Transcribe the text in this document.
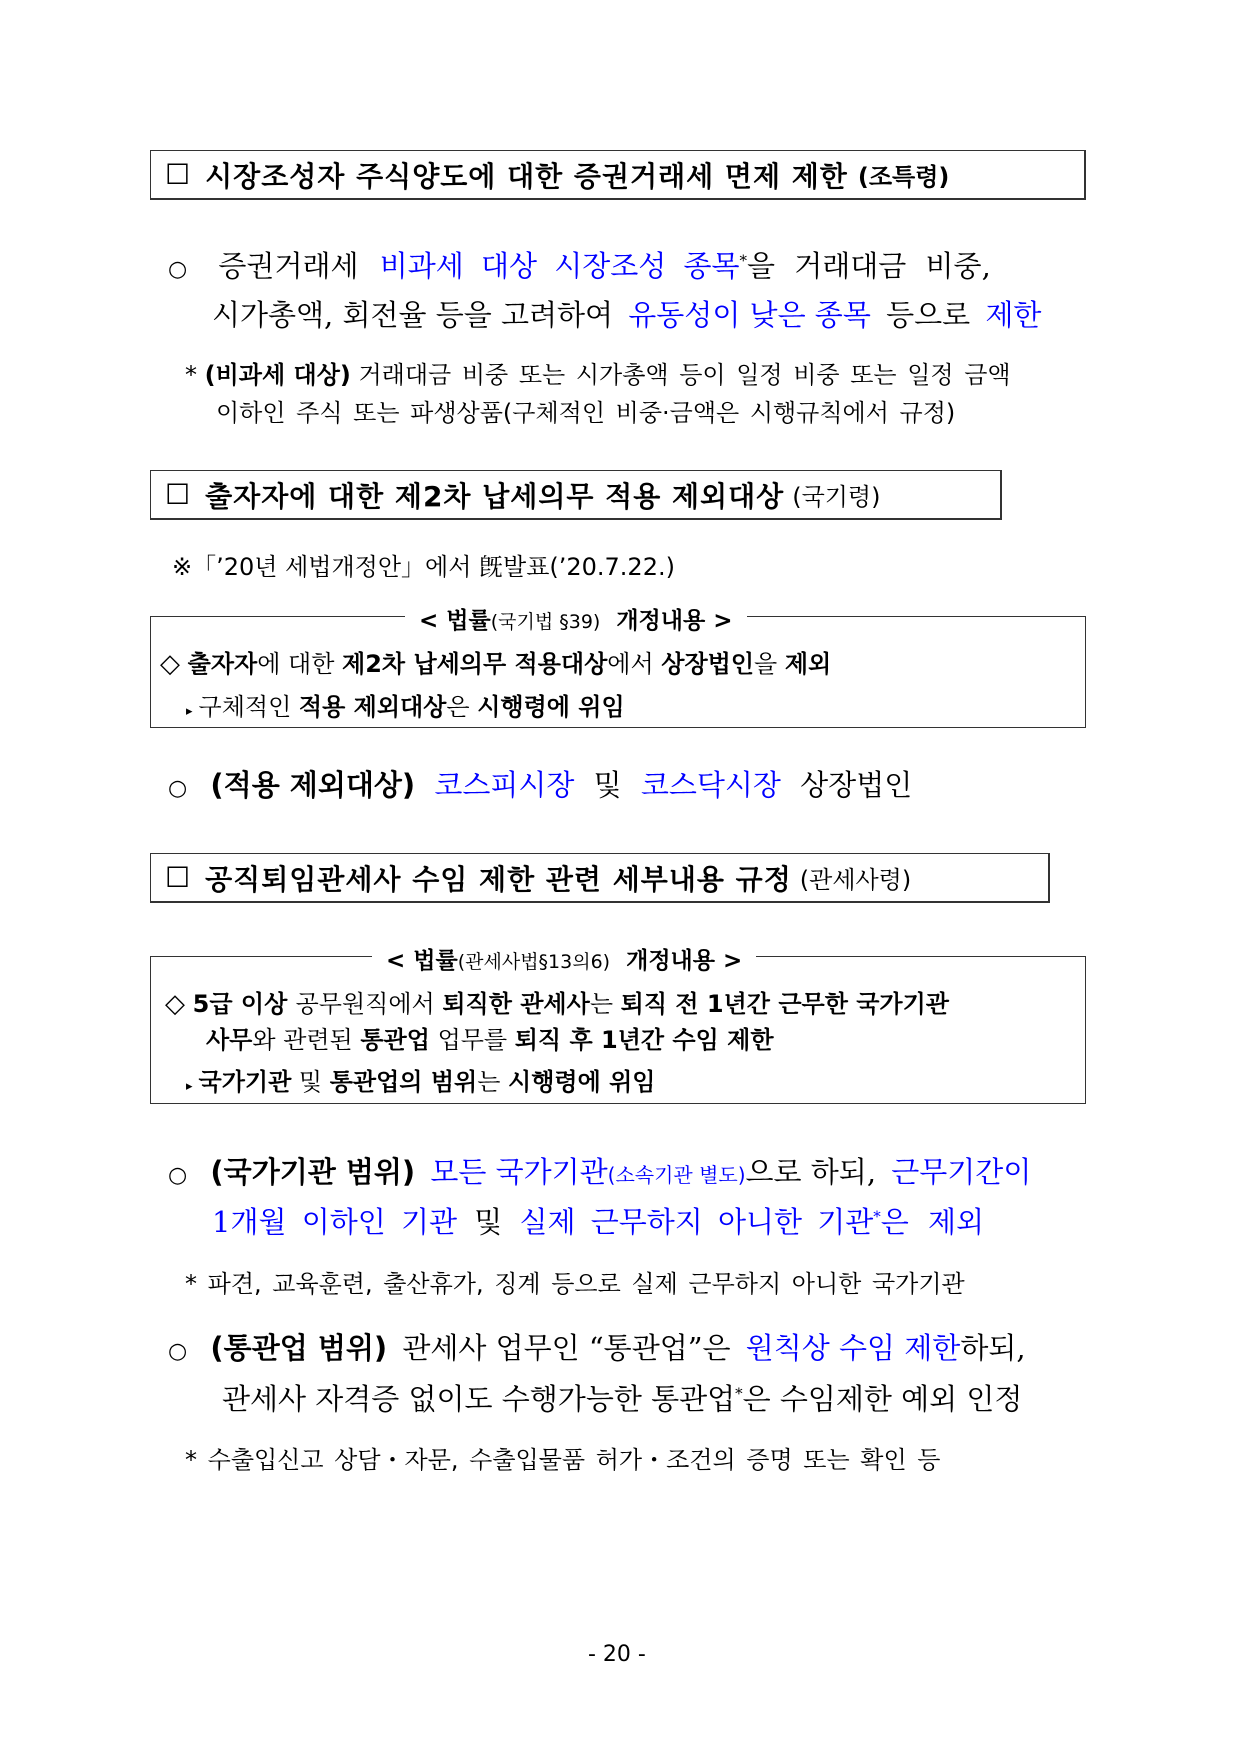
☐ 시장조성자 주식양도에 대한 증권거래세 면제 제한 (조특령)
○ 증권거래세 비과세 대상 시장조성 종목*을 거래대금 비중,
시가총액, 회전율 등을 고려하여 유동성이 낮은 종목 등으로 제한
* (비과세 대상) 거래대금 비중 또는 시가총액 등이 일정 비중 또는 일정 금액
이하인 주식 또는 파생상품(구체적인 비중·금액은 시행규칙에서 규정)
☐ 출자자에 대한 제2차 납세의무 적용 제외대상 (국기령)
※「’20년 세법개정안」에서 旣발표(’20.7.22.)
< 법률(국기법 §39) 개정내용 >
◇ 출자자에 대한 제2차 납세의무 적용대상에서 상장법인을 제외
▸ 구체적인 적용 제외대상은 시행령에 위임
○ (적용 제외대상) 코스피시장 및 코스닥시장 상장법인
☐ 공직퇴임관세사 수임 제한 관련 세부내용 규정 (관세사령)
< 법률(관세사법§13의6) 개정내용 >
◇ 5급 이상 공무원직에서 퇴직한 관세사는 퇴직 전 1년간 근무한 국가기관
사무와 관련된 통관업 업무를 퇴직 후 1년간 수임 제한
▸ 국가기관 및 통관업의 범위는 시행령에 위임
○ (국가기관 범위) 모든 국가기관(소속기관 별도)으로 하되, 근무기간이
1개월 이하인 기관 및 실제 근무하지 아니한 기관*은 제외
* 파견, 교육훈련, 출산휴가, 징계 등으로 실제 근무하지 아니한 국가기관
○ (통관업 범위) 관세사 업무인 “통관업”은 원칙상 수임 제한하되,
관세사 자격증 없이도 수행가능한 통관업*은 수임제한 예외 인정
* 수출입신고 상담・자문, 수출입물품 허가・조건의 증명 또는 확인 등
- 20 -
